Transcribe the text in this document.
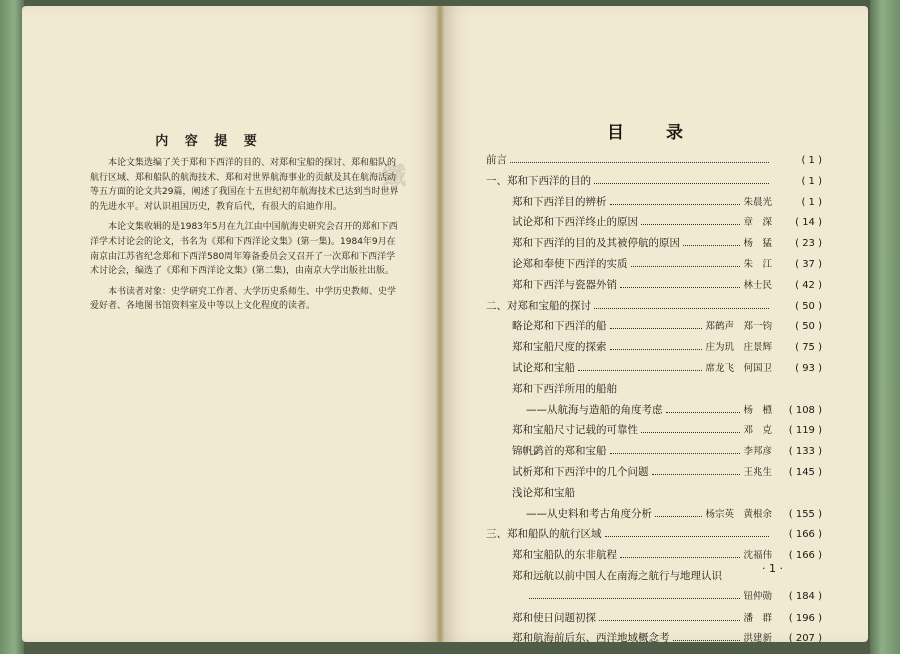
鐵
内 容 提 要

本论文集选编了关于郑和下西洋的目的、对郑和宝船的探讨、郑和船队的航行区域、郑和船队的航海技术、郑和对世界航海事业的贡献及其在航海活动等五方面的论文共29篇，阐述了我国在十五世纪初年航海技术已达到当时世界的先进水平。对认识祖国历史，教育后代，有很大的启迪作用。

本论文集收辑的是1983年5月在九江由中国航海史研究会召开的郑和下西洋学术讨论会的论文，书名为《郑和下西洋论文集》(第一集)。1984年9月在南京由江苏省纪念郑和下西洋580周年筹备委员会又召开了一次郑和下西洋学术讨论会，编选了《郑和下西洋论文集》(第二集)，由南京大学出版社出版。

本书读者对象：史学研究工作者、大学历史系师生、中学历史教师、史学爱好者、各地图书馆资料室及中等以上文化程度的读者。

目 录
前言	( 1 )
一、郑和下西洋的目的	( 1 )
郑和下西洋目的辨析	朱晨光	( 1 )
试论郑和下西洋终止的原因	章　深	( 14 )
郑和下西洋的目的及其被停航的原因	杨　猛	( 23 )
论郑和奉使下西洋的实质	朱　江	( 37 )
郑和下西洋与瓷器外销	林士民	( 42 )
二、对郑和宝船的探讨	( 50 )
略论郑和下西洋的船	郑鹤声　郑一钧	( 50 )
郑和宝船尺度的探索	庄为玑　庄景辉	( 75 )
试论郑和宝船	席龙飞　何国卫	( 93 )
郑和下西洋所用的船舶
——从航海与造船的角度考虑	杨　槱	( 108 )
郑和宝船尺寸记载的可靠性	邓　克	( 119 )
锦帆鹢首的郑和宝船	李邦彦	( 133 )
试析郑和下西洋中的几个问题	王兆生	( 145 )
浅论郑和宝船
——从史料和考古角度分析	杨宗英　黄根余	( 155 )
三、郑和船队的航行区域	( 166 )
郑和宝船队的东非航程	沈福伟	( 166 )
郑和远航以前中国人在南海之航行与地理认识
钮仲勋	( 184 )
郑和使日问题初探	潘　群	( 196 )
郑和航海前后东、西洋地域概念考	洪建新	( 207 )
· 1 ·
